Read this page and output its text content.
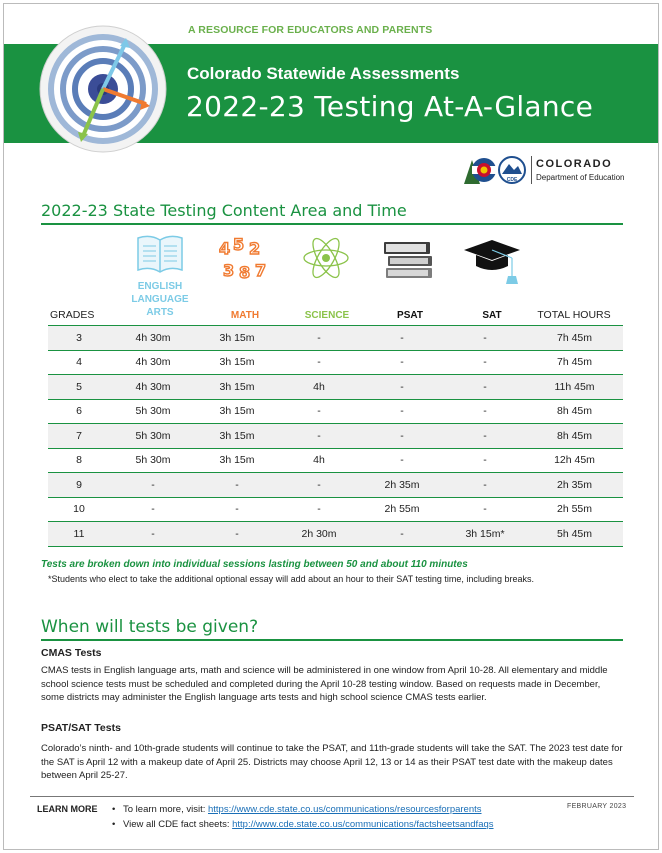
A RESOURCE FOR EDUCATORS AND PARENTS
Colorado Statewide Assessments
2022-23 Testing At-A-Glance
CDE
COLORADO
Department of Education
2022-23 State Testing Content Area and Time
4 5 2
3 8 7
GRADES
ENGLISH
LANGUAGE
ARTS	MATH	SCIENCE	PSAT	SAT	TOTAL HOURS
3	4h 30m	3h 15m	-	-	-	7h 45m
4	4h 30m	3h 15m	-	-	-	7h 45m
5	4h 30m	3h 15m	4h	-	-	11h 45m
6	5h 30m	3h 15m	-	-	-	8h 45m
7	5h 30m	3h 15m	-	-	-	8h 45m
8	5h 30m	3h 15m	4h	-	-	12h 45m
9	-	-	-	2h 35m	-	2h 35m
10	-	-	-	2h 55m	-	2h 55m
11	-	-	2h 30m	-	3h 15m*	5h 45m
Tests are broken down into individual sessions lasting between 50 and about 110 minutes
*Students who elect to take the additional optional essay will add about an hour to their SAT testing time, including breaks.
When will tests be given?
CMAS Tests

CMAS tests in English language arts, math and science will be administered in one window from April 10-28. All elementary and middle school science tests must be scheduled and completed during the April 10-28 testing window. Based on requests made in December, some districts may administer the English language arts tests and high school science CMAS tests earlier.

PSAT/SAT Tests

Colorado’s ninth- and 10th-grade students will continue to take the PSAT, and 11th-grade students will take the SAT. The 2023 test date for the SAT is April 12 with a makeup date of April 25. Districts may choose April 12, 13 or 14 as their PSAT test date with the makeup dates between April 25-27.

LEARN MORE • To learn more, visit: https://www.cde.state.co.us/communications/resourcesforparents
• View all CDE fact sheets: http://www.cde.state.co.us/communications/factsheetsandfaqs
FEBRUARY 2023
